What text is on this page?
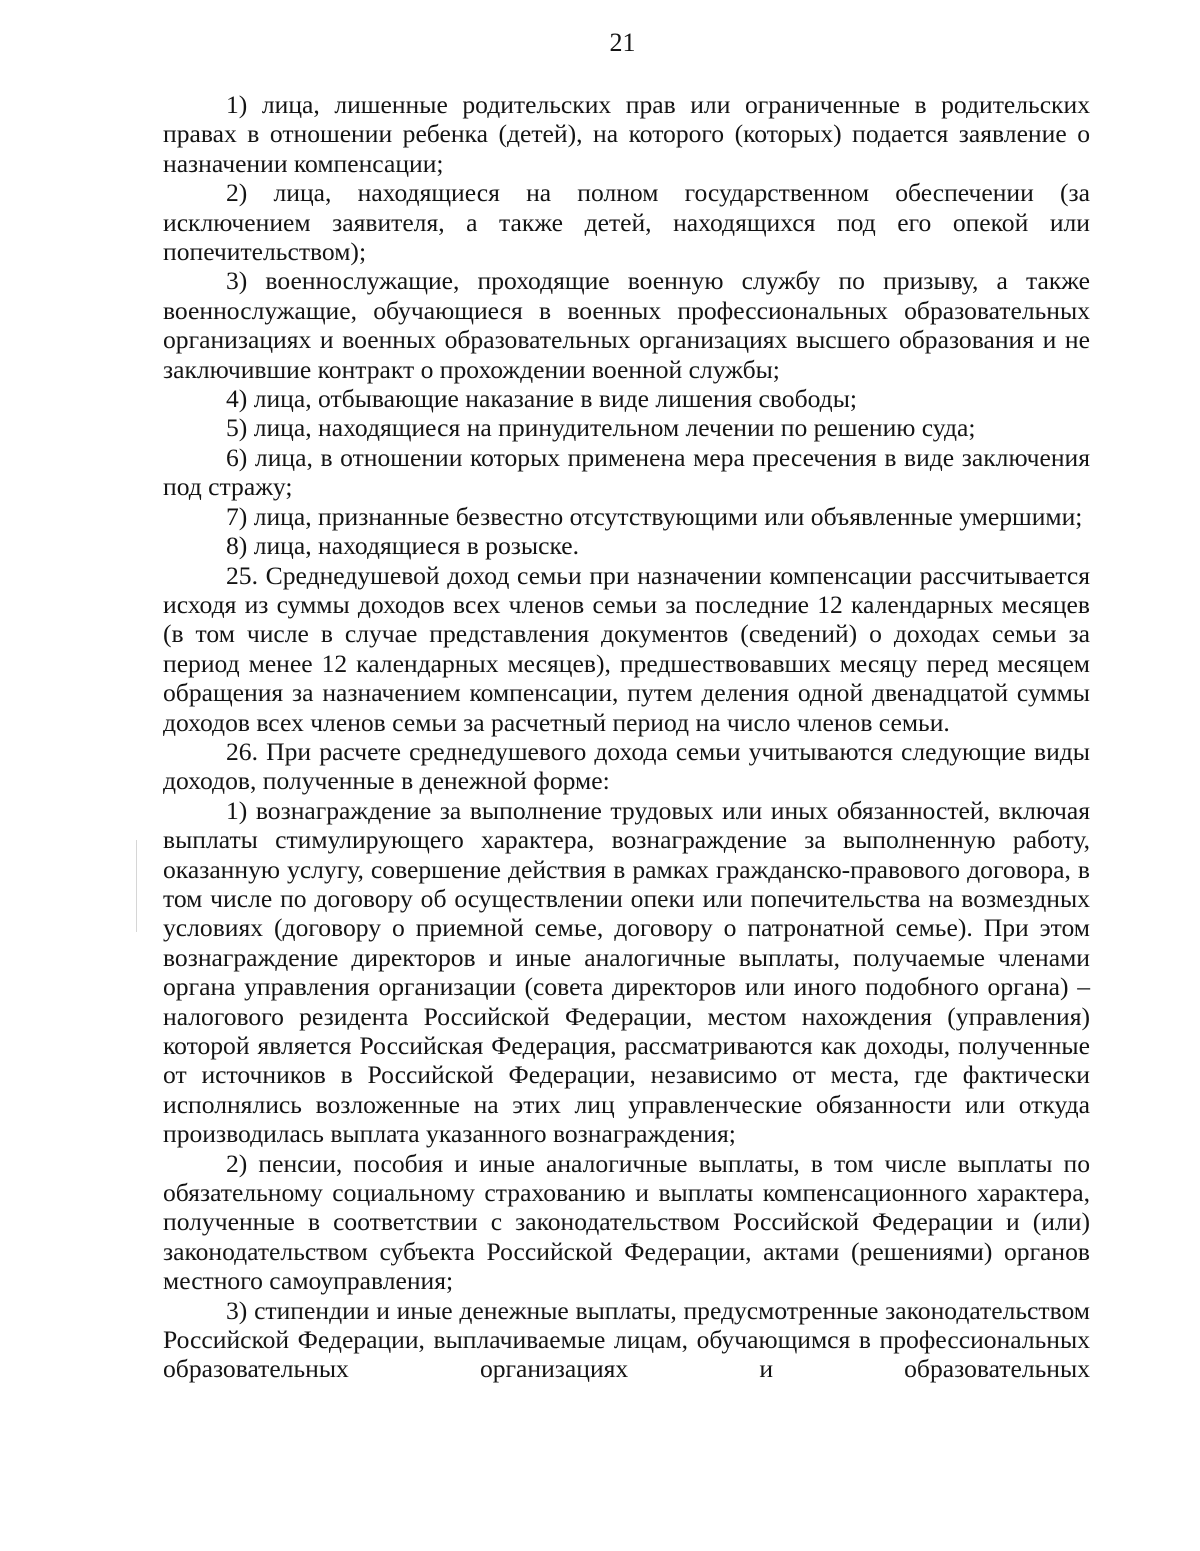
21

1) лица, лишенные родительских прав или ограниченные в родительских правах в отношении ребенка (детей), на которого (которых) подается заявление о назначении компенсации;

2) лица, находящиеся на полном государственном обеспечении (за исключением заявителя, а также детей, находящихся под его опекой или попечительством);

3) военнослужащие, проходящие военную службу по призыву, а также военнослужащие, обучающиеся в военных профессиональных образовательных организациях и военных образовательных организациях высшего образования и не заключившие контракт о прохождении военной службы;

4) лица, отбывающие наказание в виде лишения свободы;

5) лица, находящиеся на принудительном лечении по решению суда;

6) лица, в отношении которых применена мера пресечения в виде заключения под стражу;

7) лица, признанные безвестно отсутствующими или объявленные умершими;

8) лица, находящиеся в розыске.

25. Среднедушевой доход семьи при назначении компенсации рассчитывается исходя из суммы доходов всех членов семьи за последние 12 календарных месяцев (в том числе в случае представления документов (сведений) о доходах семьи за период менее 12 календарных месяцев), предшествовавших месяцу перед месяцем обращения за назначением компенсации, путем деления одной двенадцатой суммы доходов всех членов семьи за расчетный период на число членов семьи.

26. При расчете среднедушевого дохода семьи учитываются следующие виды доходов, полученные в денежной форме:

1) вознаграждение за выполнение трудовых или иных обязанностей, включая выплаты стимулирующего характера, вознаграждение за выполненную работу, оказанную услугу, совершение действия в рамках гражданско-правового договора, в том числе по договору об осуществлении опеки или попечительства на возмездных условиях (договору о приемной семье, договору о патронатной семье). При этом вознаграждение директоров и иные аналогичные выплаты, получаемые членами органа управления организации (совета директоров или иного подобного органа) – налогового резидента Российской Федерации, местом нахождения (управления) которой является Российская Федерация, рассматриваются как доходы, полученные от источников в Российской Федерации, независимо от места, где фактически исполнялись возложенные на этих лиц управленческие обязанности или откуда производилась выплата указанного вознаграждения;

2) пенсии, пособия и иные аналогичные выплаты, в том числе выплаты по обязательному социальному страхованию и выплаты компенсационного характера, полученные в соответствии с законодательством Российской Федерации и (или) законодательством субъекта Российской Федерации, актами (решениями) органов местного самоуправления;

3) стипендии и иные денежные выплаты, предусмотренные законодательством Российской Федерации, выплачиваемые лицам, обучающимся в профессиональных образовательных организациях и образовательных
